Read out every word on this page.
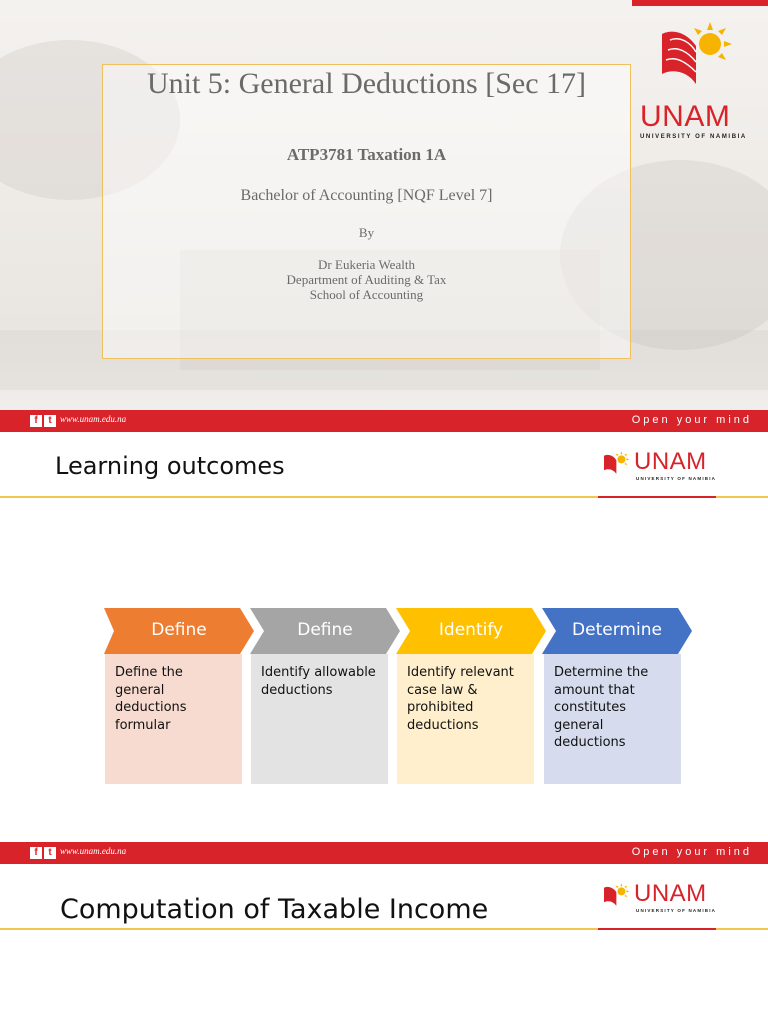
Unit 5: General Deductions [Sec 17]
ATP3781 Taxation 1A
Bachelor of Accounting [NQF Level 7]
By
Dr Eukeria Wealth
Department of Auditing & Tax
School of Accounting
UNAM
UNIVERSITY OF NAMIBIA
f	t www.unam.edu.na	Open your mind
Learning outcomes	UNAM
UNIVERSITY OF NAMIBIA
Define	Define	Identify	Determine
Define the general deductions formular
Identify allowable deductions
Identify relevant case law & prohibited deductions
Determine the amount that constitutes general deductions
f	t www.unam.edu.na	Open your mind
Computation of Taxable Income
UNAM
UNIVERSITY OF NAMIBIA
